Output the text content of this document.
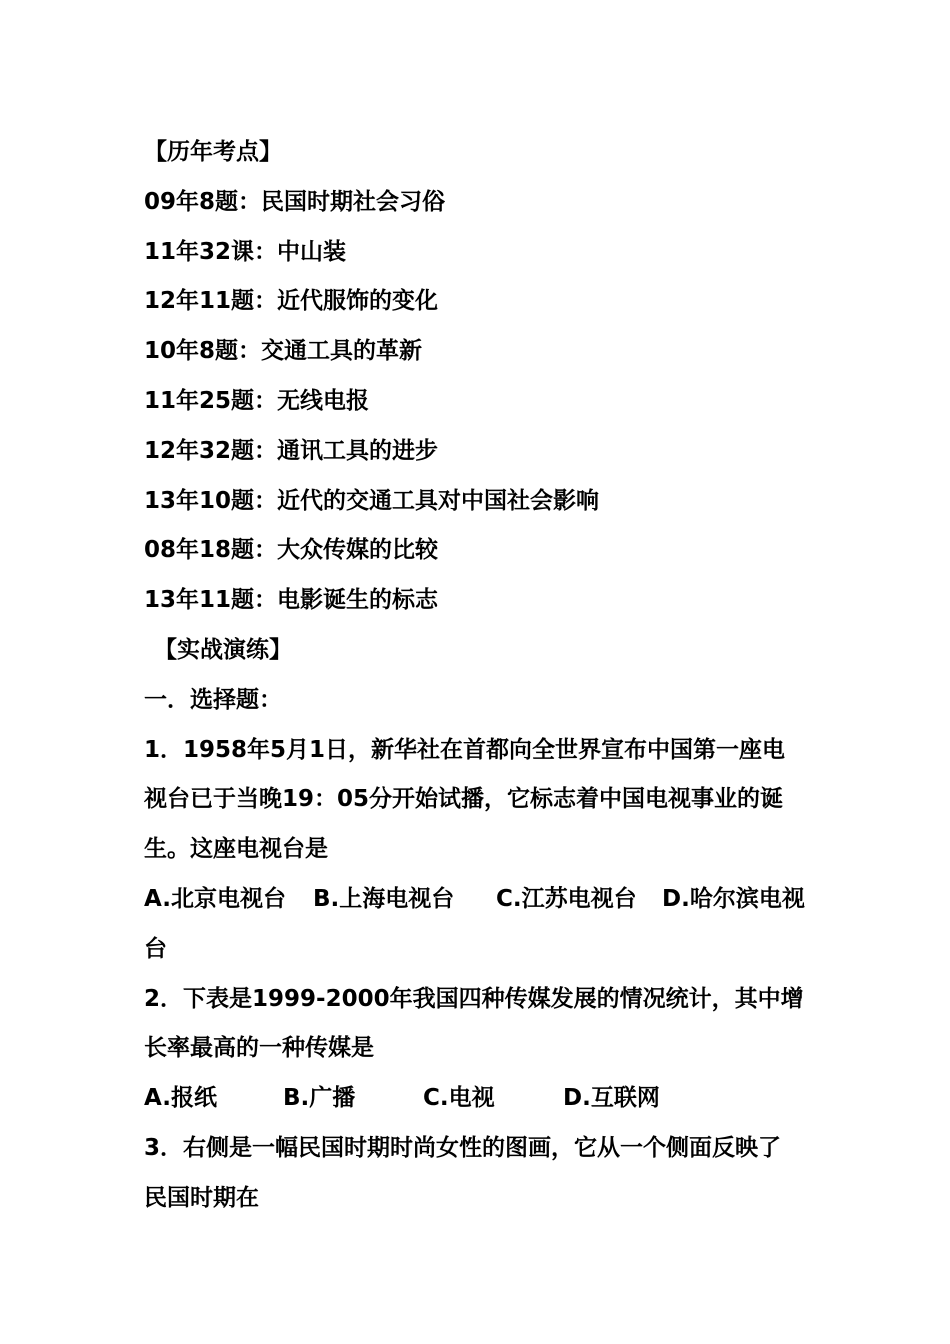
【历年考点】
09年8题：民国时期社会习俗
11年32课：中山装
12年11题：近代服饰的变化
10年8题：交通工具的革新
11年25题：无线电报
12年32题：通讯工具的进步
13年10题：近代的交通工具对中国社会影响
08年18题：大众传媒的比较
13年11题：电影诞生的标志
【实战演练】
一．选择题：
1．1958年5月1日，新华社在首都向全世界宣布中国第一座电
视台已于当晚19：05分开始试播，它标志着中国电视事业的诞
生。这座电视台是
A.北京电视台	B.上海电视台	C.江苏电视台	D.哈尔滨电视
台
2．下表是1999-2000年我国四种传媒发展的情况统计，其中增
长率最高的一种传媒是
A.报纸	B.广播	C.电视	D.互联网
3．右侧是一幅民国时期时尚女性的图画，它从一个侧面反映了
民国时期在
